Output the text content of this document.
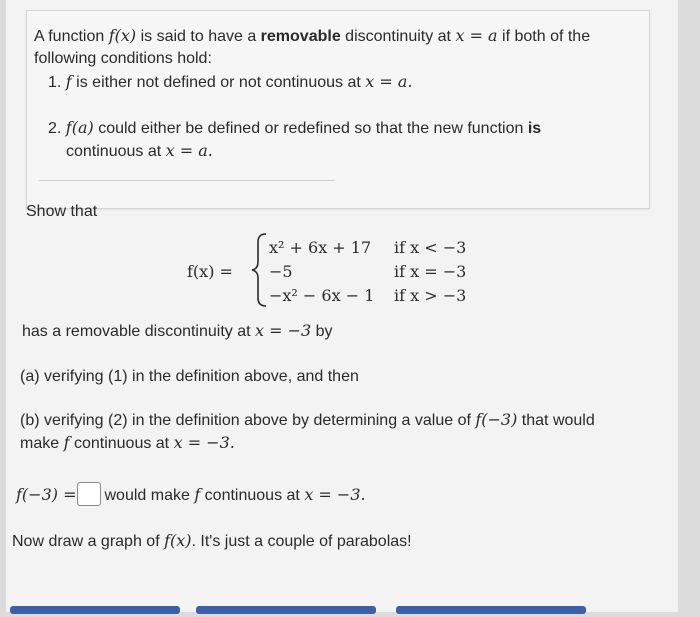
A function f(x) is said to have a removable discontinuity at x = a if both of the
following conditions hold:
1. f is either not defined or not continuous at x = a.
2. f(a) could either be defined or redefined so that the new function is
continuous at x = a.
Show that
f(x) =
x² + 6x + 17 if x < −3
−5	if x = −3
−x² − 6x − 1 if x > −3
has a removable discontinuity at x = −3 by
(a) verifying (1) in the definition above, and then
(b) verifying (2) in the definition above by determining a value of f(−3) that would
make f continuous at x = −3.
f(−3) = would make f continuous at x = −3.
Now draw a graph of f(x). It's just a couple of parabolas!
